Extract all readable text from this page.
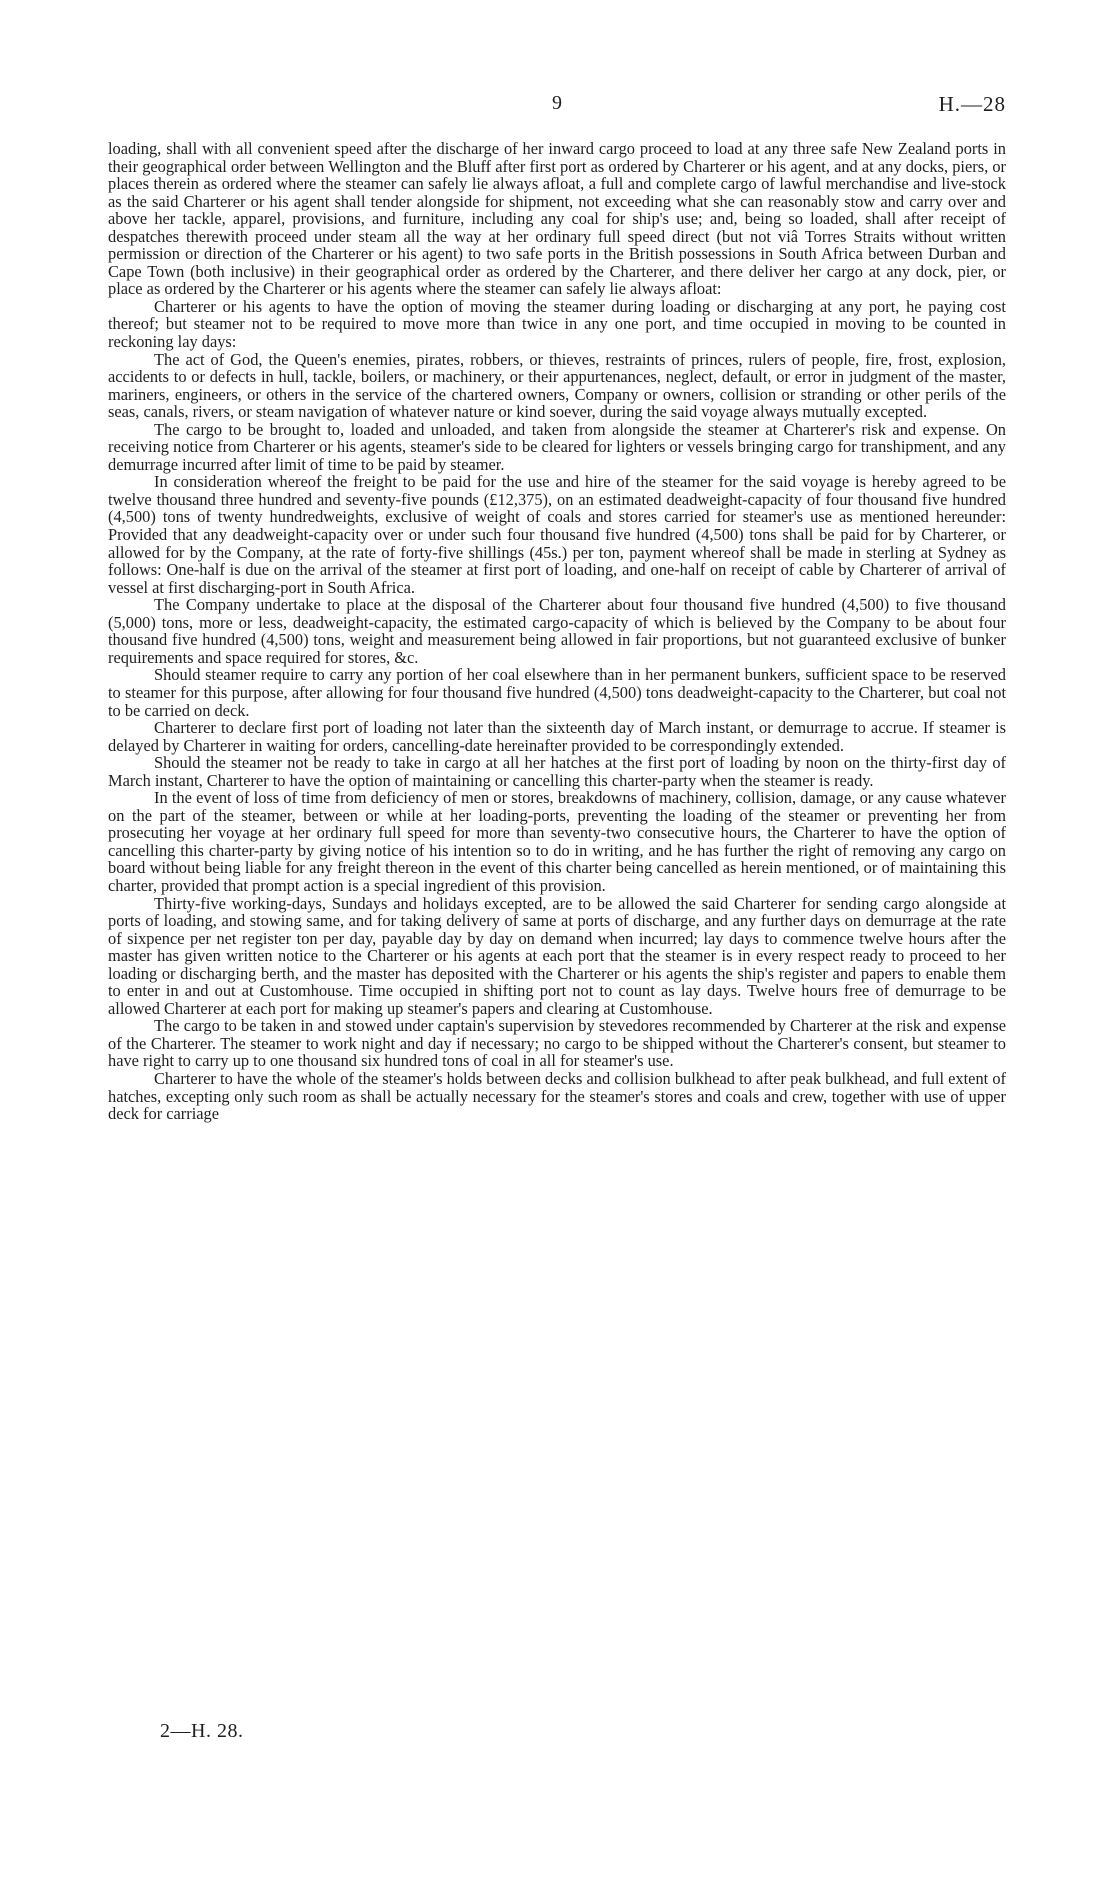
9	H.—28

loading, shall with all convenient speed after the discharge of her inward cargo proceed to load at any three safe New Zealand ports in their geographical order between Wellington and the Bluff after first port as ordered by Charterer or his agent, and at any docks, piers, or places therein as ordered where the steamer can safely lie always afloat, a full and complete cargo of lawful merchandise and live-stock as the said Charterer or his agent shall tender alongside for shipment, not exceeding what she can reasonably stow and carry over and above her tackle, apparel, provisions, and furniture, including any coal for ship's use; and, being so loaded, shall after receipt of despatches therewith proceed under steam all the way at her ordinary full speed direct (but not viâ Torres Straits without written permission or direction of the Charterer or his agent) to two safe ports in the British possessions in South Africa between Durban and Cape Town (both inclusive) in their geographical order as ordered by the Charterer, and there deliver her cargo at any dock, pier, or place as ordered by the Charterer or his agents where the steamer can safely lie always afloat:

Charterer or his agents to have the option of moving the steamer during loading or discharging at any port, he paying cost thereof; but steamer not to be required to move more than twice in any one port, and time occupied in moving to be counted in reckoning lay days:

The act of God, the Queen's enemies, pirates, robbers, or thieves, restraints of princes, rulers of people, fire, frost, explosion, accidents to or defects in hull, tackle, boilers, or machinery, or their appurtenances, neglect, default, or error in judgment of the master, mariners, engineers, or others in the service of the chartered owners, Company or owners, collision or stranding or other perils of the seas, canals, rivers, or steam navigation of whatever nature or kind soever, during the said voyage always mutually excepted.

The cargo to be brought to, loaded and unloaded, and taken from alongside the steamer at Charterer's risk and expense. On receiving notice from Charterer or his agents, steamer's side to be cleared for lighters or vessels bringing cargo for transhipment, and any demurrage incurred after limit of time to be paid by steamer.

In consideration whereof the freight to be paid for the use and hire of the steamer for the said voyage is hereby agreed to be twelve thousand three hundred and seventy-five pounds (£12,375), on an estimated deadweight-capacity of four thousand five hundred (4,500) tons of twenty hundredweights, exclusive of weight of coals and stores carried for steamer's use as mentioned hereunder: Provided that any deadweight-capacity over or under such four thousand five hundred (4,500) tons shall be paid for by Charterer, or allowed for by the Company, at the rate of forty-five shillings (45s.) per ton, payment whereof shall be made in sterling at Sydney as follows: One-half is due on the arrival of the steamer at first port of loading, and one-half on receipt of cable by Charterer of arrival of vessel at first discharging-port in South Africa.

The Company undertake to place at the disposal of the Charterer about four thousand five hundred (4,500) to five thousand (5,000) tons, more or less, deadweight-capacity, the estimated cargo-capacity of which is believed by the Company to be about four thousand five hundred (4,500) tons, weight and measurement being allowed in fair proportions, but not guaranteed exclusive of bunker requirements and space required for stores, &c.

Should steamer require to carry any portion of her coal elsewhere than in her permanent bunkers, sufficient space to be reserved to steamer for this purpose, after allowing for four thousand five hundred (4,500) tons deadweight-capacity to the Charterer, but coal not to be carried on deck.

Charterer to declare first port of loading not later than the sixteenth day of March instant, or demurrage to accrue. If steamer is delayed by Charterer in waiting for orders, cancelling-date hereinafter provided to be correspondingly extended.

Should the steamer not be ready to take in cargo at all her hatches at the first port of loading by noon on the thirty-first day of March instant, Charterer to have the option of maintaining or cancelling this charter-party when the steamer is ready.

In the event of loss of time from deficiency of men or stores, breakdowns of machinery, collision, damage, or any cause whatever on the part of the steamer, between or while at her loading-ports, preventing the loading of the steamer or preventing her from prosecuting her voyage at her ordinary full speed for more than seventy-two consecutive hours, the Charterer to have the option of cancelling this charter-party by giving notice of his intention so to do in writing, and he has further the right of removing any cargo on board without being liable for any freight thereon in the event of this charter being cancelled as herein mentioned, or of maintaining this charter, provided that prompt action is a special ingredient of this provision.

Thirty-five working-days, Sundays and holidays excepted, are to be allowed the said Charterer for sending cargo alongside at ports of loading, and stowing same, and for taking delivery of same at ports of discharge, and any further days on demurrage at the rate of sixpence per net register ton per day, payable day by day on demand when incurred; lay days to commence twelve hours after the master has given written notice to the Charterer or his agents at each port that the steamer is in every respect ready to proceed to her loading or discharging berth, and the master has deposited with the Charterer or his agents the ship's register and papers to enable them to enter in and out at Customhouse. Time occupied in shifting port not to count as lay days. Twelve hours free of demurrage to be allowed Charterer at each port for making up steamer's papers and clearing at Customhouse.

The cargo to be taken in and stowed under captain's supervision by stevedores recommended by Charterer at the risk and expense of the Charterer. The steamer to work night and day if necessary; no cargo to be shipped without the Charterer's consent, but steamer to have right to carry up to one thousand six hundred tons of coal in all for steamer's use.

Charterer to have the whole of the steamer's holds between decks and collision bulkhead to after peak bulkhead, and full extent of hatches, excepting only such room as shall be actually necessary for the steamer's stores and coals and crew, together with use of upper deck for carriage

2—H. 28.
